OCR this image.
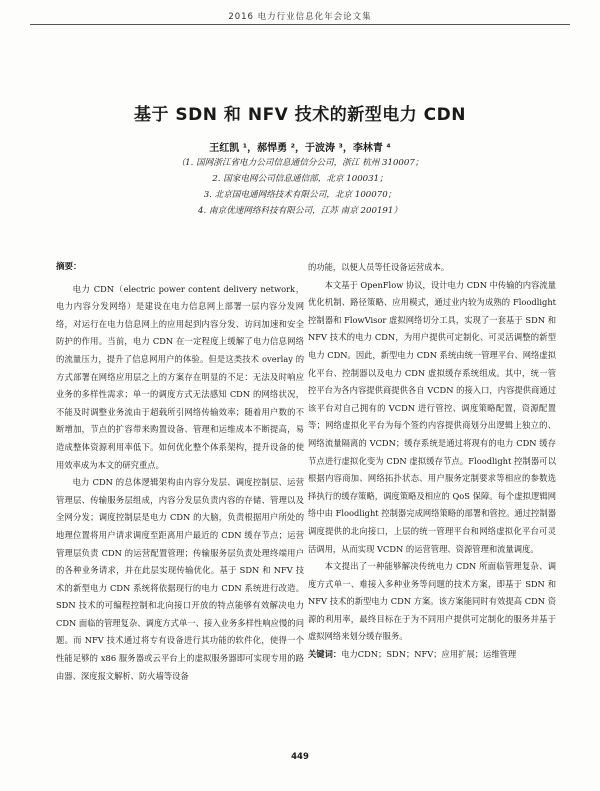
2016 电力行业信息化年会论文集
基于 SDN 和 NFV 技术的新型电力 CDN
王红凯 ¹，郝悍勇 ²，于波涛 ³，李林青 ⁴
（1. 国网浙江省电力公司信息通信分公司，浙江 杭州 310007；
2. 国家电网公司信息通信部，北京 100031；
3. 北京国电通网络技术有限公司，北京 100070；
4. 南京优速网络科技有限公司，江苏 南京 200191）
摘要：

电力 CDN（electric power content delivery network，电力内容分发网络）是建设在电力信息网上部署一层内容分发网络，对运行在电力信息网上的应用起到内容分发、访问加速和安全防护的作用。当前，电力 CDN 在一定程度上缓解了电力信息网络的流量压力，提升了信息网用户的体验。但是这类技术 overlay 的方式部署在网络应用层之上的方案存在明显的不足：无法及时响应业务的多样性需求；单一的调度方式无法感知 CDN 的网络状况，不能及时调整业务流由于超载所引网络传输效率；随着用户数的不断增加，节点的扩容带来购置设备、管理和运维成本不断提高，易造成整体资源利用率低下。如何优化整个体系架构，提升设备的使用效率成为本文的研究重点。

电力 CDN 的总体逻辑架构由内容分发层、调度控制层、运营管理层、传输服务层组成，内容分发层负责内容的存储、管理以及全网分发；调度控制层是电力 CDN 的大脑，负责根据用户所处的地理位置将用户请求调度至距离用户最近的 CDN 缓存节点；运营管理层负责 CDN 的运营配置管理；传输服务层负责处理终端用户的各种业务请求，并在此层实现传输优化。基于 SDN 和 NFV 技术的新型电力 CDN 系统将依据现行的电力 CDN 系统进行改造。SDN 技术的可编程控制和北向接口开放的特点能够有效解决电力 CDN 面临的管理复杂、调度方式单一、接入业务多样性响应慢的问题。而 NFV 技术通过将专有设备进行其功能的软件化，使得一个性能足够的 x86 服务器或云平台上的虚拟服务器即可实现专用的路由器、深度报文解析、防火墙等设备

的功能，以便人员等任设备运营成本。

本文基于 OpenFlow 协议，设计电力 CDN 中传输的内容流量优化机制、路径策略、应用模式，通过业内较为成熟的 Floodlight 控制器和 FlowVisor 虚拟网络切分工具，实现了一套基于 SDN 和 NFV 技术的电力 CDN，为用户提供可定制化、可灵活调整的新型电力 CDN。因此，新型电力 CDN 系统由统一管理平台、网络虚拟化平台、控制器以及电力 CDN 虚拟缓存系统组成。其中，统一管控平台为各内容提供商提供各自 VCDN 的接入口，内容提供商通过该平台对自己拥有的 VCDN 进行管控、调度策略配置，资源配置等；网络虚拟化平台为每个签约内容提供商划分出逻辑上独立的、网络流量隔离的 VCDN；缓存系统是通过将现有的电力 CDN 缓存节点进行虚拟化变为 CDN 虚拟缓存节点。Floodlight 控制器可以根据内容商加、网络拓扑状态、用户服务定制要求等相应的参数选择执行的缓存策略，调度策略及相应的 QoS 保障。每个虚拟逻辑网络中由 Floodlight 控制器完成网络策略的部署和管控。通过控制器调度提供的北向接口，上层的统一管理平台和网络虚拟化平台可灵活调用，从而实现 VCDN 的运营管理、资源管理和流量调度。

本文提出了一种能够解决传统电力 CDN 所面临管理复杂、调度方式单一、难接入多种业务等问题的技术方案，即基于 SDN 和 NFV 技术的新型电力 CDN 方案。该方案能同时有效提高 CDN 资源的利用率，最终目标在于为不同用户提供可定制化的服务并基于虚拟网络来划分缓存服务。

关键词：电力CDN；SDN；NFV；应用扩展；运维管理

449
